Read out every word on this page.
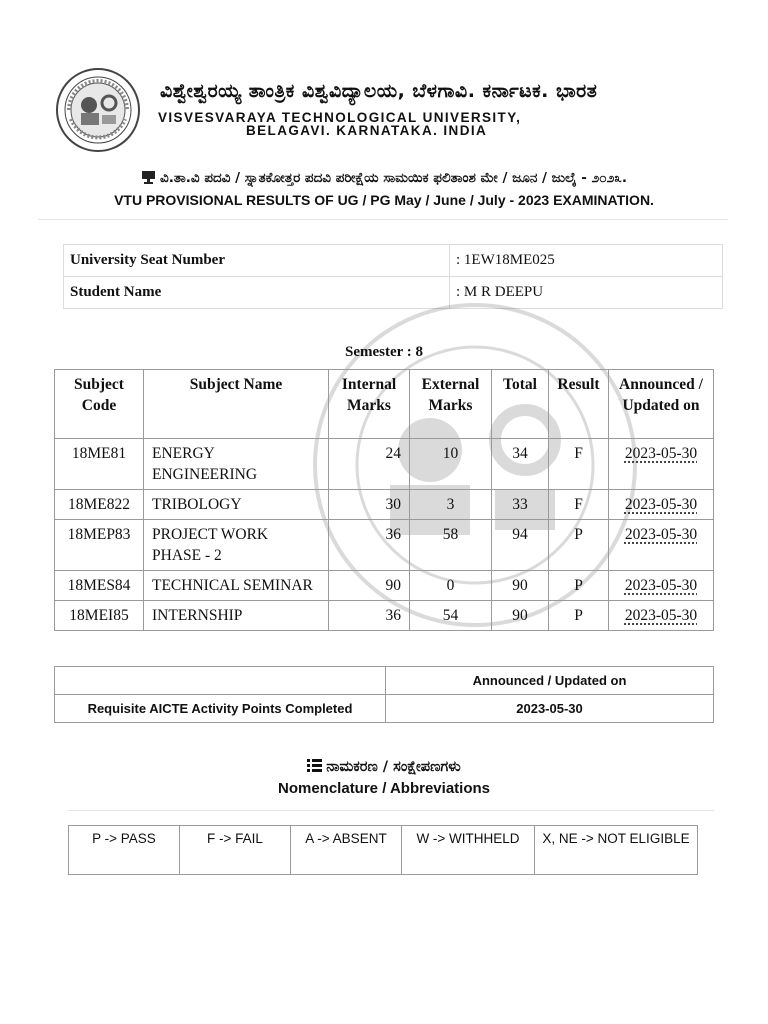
ವಿಶ್ವೇಶ್ವರಯ್ಯ ತಾಂತ್ರಿಕ ವಿಶ್ವವಿದ್ಯಾಲಯ, ಬೆಳಗಾವಿ. ಕರ್ನಾಟಕ. ಭಾರತ
VISVESVARAYA TECHNOLOGICAL UNIVERSITY,
BELAGAVI. KARNATAKA. INDIA
ವಿ.ತಾ.ವಿ ಪದವಿ / ಸ್ನಾತಕೋತ್ತರ ಪದವಿ ಪರೀಕ್ಷೆಯ ಸಾಮಯಿಕ ಫಲಿತಾಂಶ ಮೇ / ಜೂನ / ಜುಲೈ - ೨೦೨೩.
VTU PROVISIONAL RESULTS OF UG / PG May / June / July - 2023 EXAMINATION.
University Seat Number	: 1EW18ME025
Student Name	: M R DEEPU
Semester : 8
Subject Code	Subject Name	Internal Marks	External Marks	Total	Result	Announced / Updated on
18ME81	ENERGY ENGINEERING	24	10	34	F	2023-05-30
18ME822	TRIBOLOGY	30	3	33	F	2023-05-30
18MEP83	PROJECT WORK PHASE - 2	36	58	94	P	2023-05-30
18MES84	TECHNICAL SEMINAR	90	0	90	P	2023-05-30
18MEI85	INTERNSHIP	36	54	90	P	2023-05-30
	Announced / Updated on
Requisite AICTE Activity Points Completed	2023-05-30
ನಾಮಕರಣ / ಸಂಕ್ಷೇಪಣಗಳು
Nomenclature / Abbreviations
P -> PASS	F -> FAIL	A -> ABSENT	W -> WITHHELD	X, NE -> NOT ELIGIBLE
